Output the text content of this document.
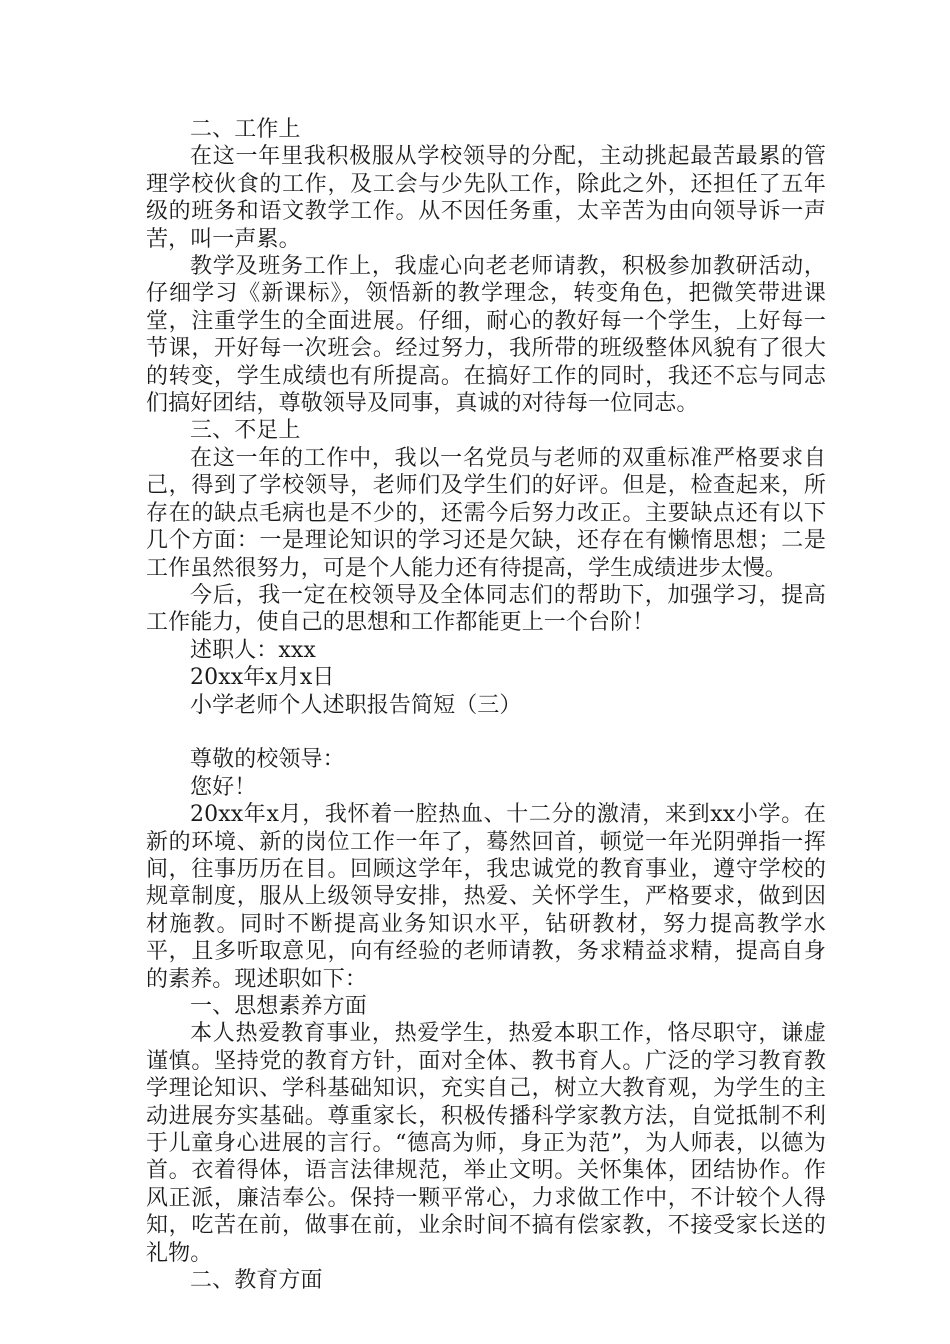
二、工作上

在这一年里我积极服从学校领导的分配，主动挑起最苦最累的管理学校伙食的工作，及工会与少先队工作，除此之外，还担任了五年级的班务和语文教学工作。从不因任务重，太辛苦为由向领导诉一声苦，叫一声累。

教学及班务工作上，我虚心向老老师请教，积极参加教研活动，仔细学习《新课标》，领悟新的教学理念，转变角色，把微笑带进课堂，注重学生的全面进展。仔细，耐心的教好每一个学生，上好每一节课，开好每一次班会。经过努力，我所带的班级整体风貌有了很大的转变，学生成绩也有所提高。在搞好工作的同时，我还不忘与同志们搞好团结，尊敬领导及同事，真诚的对待每一位同志。

三、不足上

在这一年的工作中，我以一名党员与老师的双重标准严格要求自己，得到了学校领导，老师们及学生们的好评。但是，检查起来，所存在的缺点毛病也是不少的，还需今后努力改正。主要缺点还有以下几个方面：一是理论知识的学习还是欠缺，还存在有懒惰思想；二是工作虽然很努力，可是个人能力还有待提高，学生成绩进步太慢。

今后，我一定在校领导及全体同志们的帮助下，加强学习，提高工作能力，使自己的思想和工作都能更上一个台阶！

述职人：xxx

20xx年x月x日

小学老师个人述职报告简短（三）

尊敬的校领导：

您好！

20xx年x月，我怀着一腔热血、十二分的激清，来到xx小学。在新的环境、新的岗位工作一年了，蓦然回首，顿觉一年光阴弹指一挥间，往事历历在目。回顾这学年，我忠诚党的教育事业，遵守学校的规章制度，服从上级领导安排，热爱、关怀学生，严格要求，做到因材施教。同时不断提高业务知识水平，钻研教材，努力提高教学水平，且多听取意见，向有经验的老师请教，务求精益求精，提高自身的素养。现述职如下：

一、思想素养方面

本人热爱教育事业，热爱学生，热爱本职工作，恪尽职守，谦虚谨慎。坚持党的教育方针，面对全体、教书育人。广泛的学习教育教学理论知识、学科基础知识，充实自己，树立大教育观，为学生的主动进展夯实基础。尊重家长，积极传播科学家教方法，自觉抵制不利于儿童身心进展的言行。“德高为师，身正为范”，为人师表，以德为首。衣着得体，语言法律规范，举止文明。关怀集体，团结协作。作风正派，廉洁奉公。保持一颗平常心，力求做工作中，不计较个人得知，吃苦在前，做事在前，业余时间不搞有偿家教，不接受家长送的礼物。

二、教育方面
